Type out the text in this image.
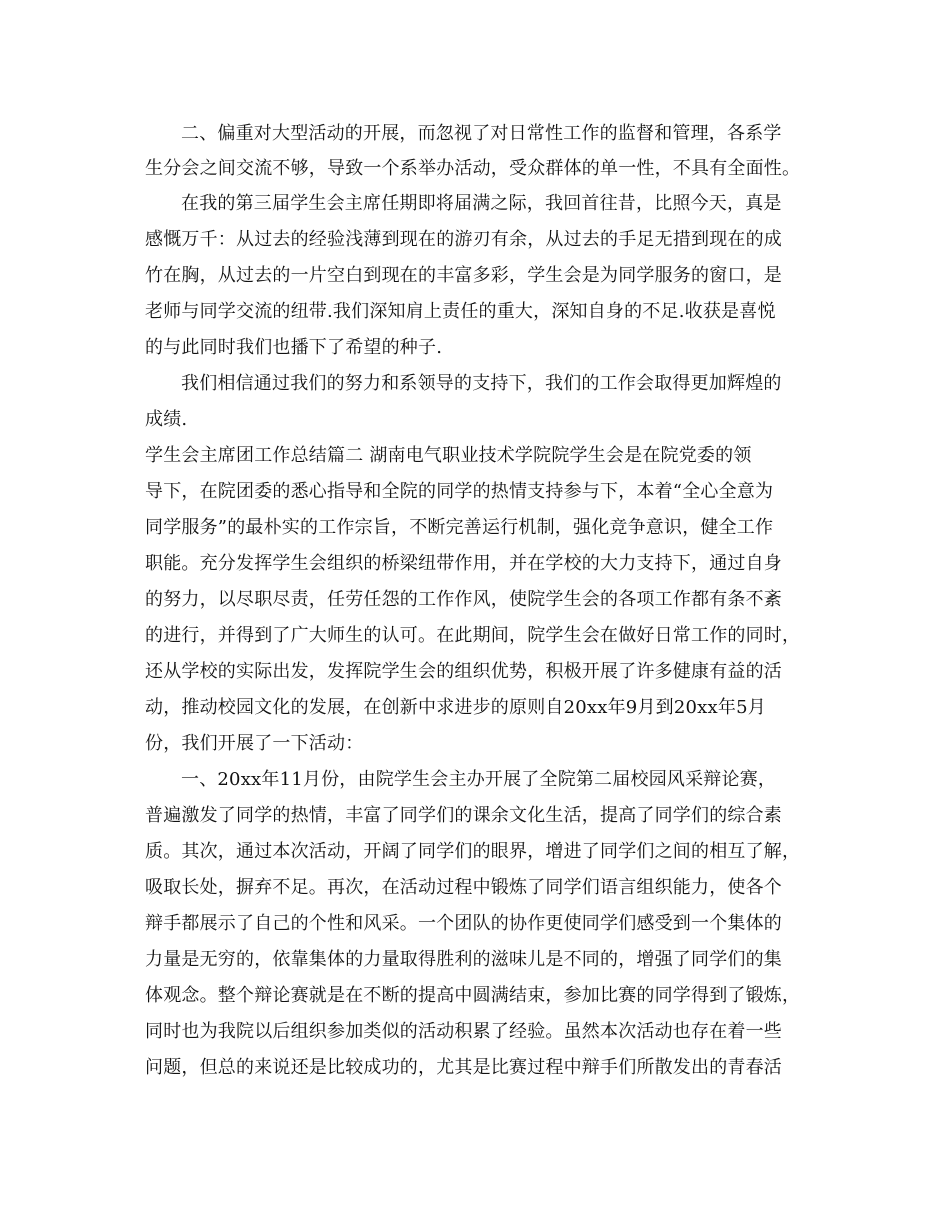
二、偏重对大型活动的开展，而忽视了对日常性工作的监督和管理，各系学
生分会之间交流不够，导致一个系举办活动，受众群体的单一性，不具有全面性。
在我的第三届学生会主席任期即将届满之际，我回首往昔，比照今天，真是
感慨万千：从过去的经验浅薄到现在的游刃有余，从过去的手足无措到现在的成
竹在胸，从过去的一片空白到现在的丰富多彩，学生会是为同学服务的窗口，是
老师与同学交流的纽带.我们深知肩上责任的重大，深知自身的不足.收获是喜悦
的与此同时我们也播下了希望的种子.
我们相信通过我们的努力和系领导的支持下，我们的工作会取得更加辉煌的
成绩.
学生会主席团工作总结篇二 湖南电气职业技术学院院学生会是在院党委的领
导下，在院团委的悉心指导和全院的同学的热情支持参与下，本着“全心全意为
同学服务”的最朴实的工作宗旨，不断完善运行机制，强化竞争意识，健全工作
职能。充分发挥学生会组织的桥梁纽带作用，并在学校的大力支持下，通过自身
的努力，以尽职尽责，任劳任怨的工作作风，使院学生会的各项工作都有条不紊
的进行，并得到了广大师生的认可。在此期间，院学生会在做好日常工作的同时，
还从学校的实际出发，发挥院学生会的组织优势，积极开展了许多健康有益的活
动，推动校园文化的发展，在创新中求进步的原则自20xx年9月到20xx年5月
份，我们开展了一下活动：
一、20xx年11月份，由院学生会主办开展了全院第二届校园风采辩论赛，
普遍激发了同学的热情，丰富了同学们的课余文化生活，提高了同学们的综合素
质。其次，通过本次活动，开阔了同学们的眼界，增进了同学们之间的相互了解，
吸取长处，摒弃不足。再次，在活动过程中锻炼了同学们语言组织能力，使各个
辩手都展示了自己的个性和风采。一个团队的协作更使同学们感受到一个集体的
力量是无穷的，依靠集体的力量取得胜利的滋味儿是不同的，增强了同学们的集
体观念。整个辩论赛就是在不断的提高中圆满结束，参加比赛的同学得到了锻炼，
同时也为我院以后组织参加类似的活动积累了经验。虽然本次活动也存在着一些
问题，但总的来说还是比较成功的，尤其是比赛过程中辩手们所散发出的青春活
